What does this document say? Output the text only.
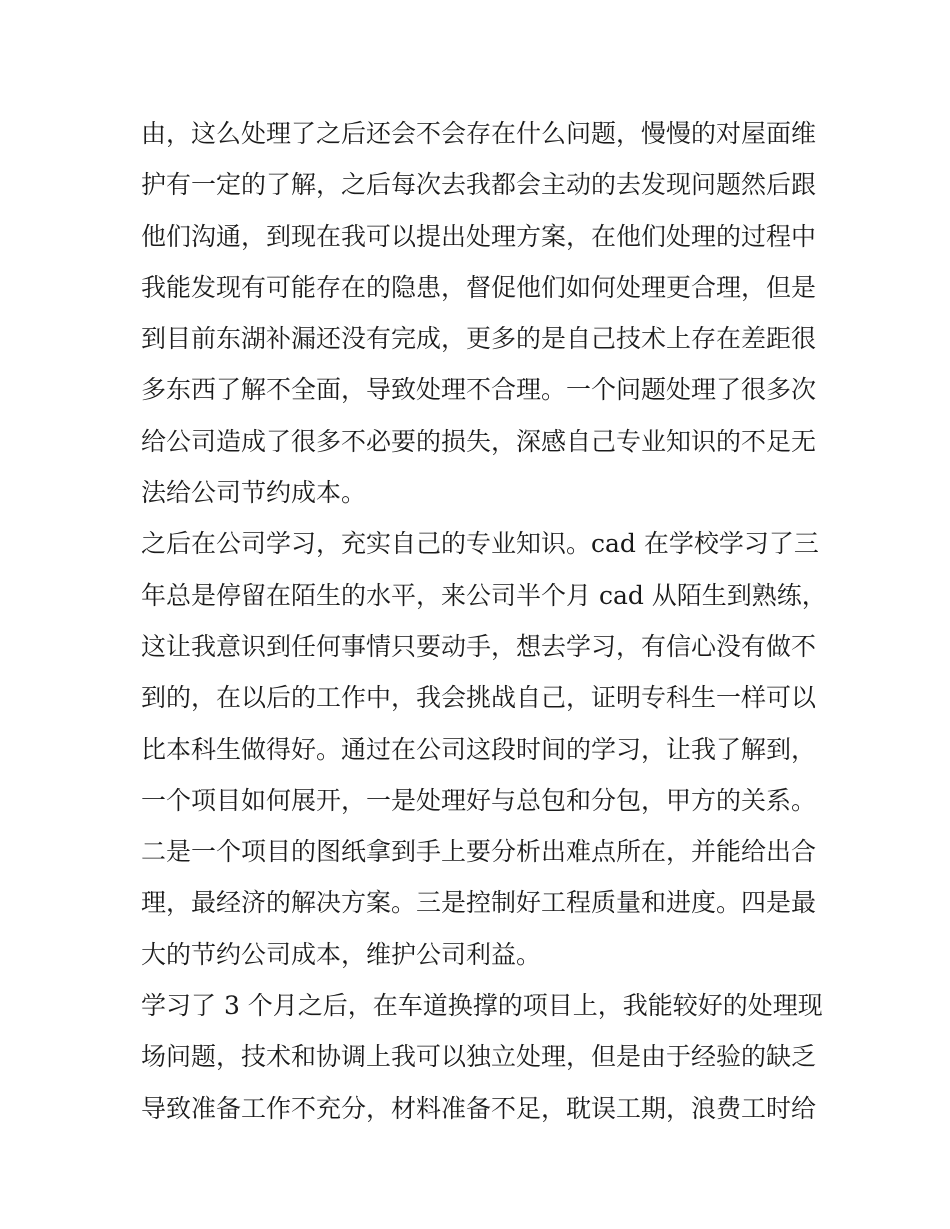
由，这么处理了之后还会不会存在什么问题，慢慢的对屋面维
护有一定的了解，之后每次去我都会主动的去发现问题然后跟
他们沟通，到现在我可以提出处理方案，在他们处理的过程中
我能发现有可能存在的隐患，督促他们如何处理更合理，但是
到目前东湖补漏还没有完成，更多的是自己技术上存在差距很
多东西了解不全面，导致处理不合理。一个问题处理了很多次
给公司造成了很多不必要的损失，深感自己专业知识的不足无
法给公司节约成本。
之后在公司学习，充实自己的专业知识。cad 在学校学习了三
年总是停留在陌生的水平，来公司半个月 cad 从陌生到熟练，
这让我意识到任何事情只要动手，想去学习，有信心没有做不
到的，在以后的工作中，我会挑战自己，证明专科生一样可以
比本科生做得好。通过在公司这段时间的学习，让我了解到，
一个项目如何展开，一是处理好与总包和分包，甲方的关系。
二是一个项目的图纸拿到手上要分析出难点所在，并能给出合
理，最经济的解决方案。三是控制好工程质量和进度。四是最
大的节约公司成本，维护公司利益。
学习了 3 个月之后，在车道换撑的项目上，我能较好的处理现
场问题，技术和协调上我可以独立处理，但是由于经验的缺乏
导致准备工作不充分，材料准备不足，耽误工期，浪费工时给
